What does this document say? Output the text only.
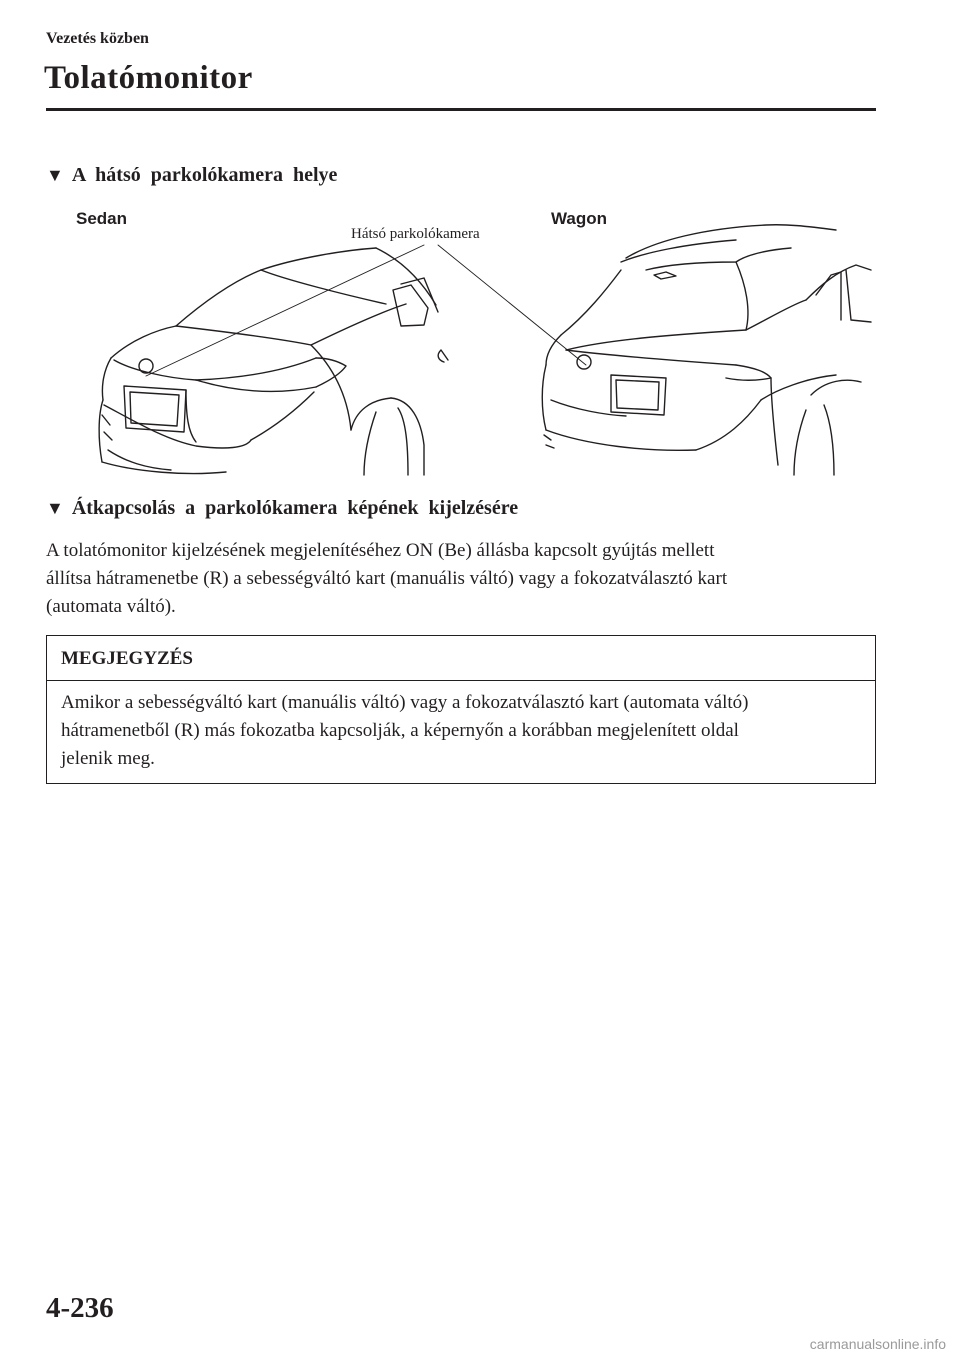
Vezetés közben
Tolatómonitor
▼ A hátsó parkolókamera helye
Sedan	Wagon
Hátsó parkolókamera
▼ Átkapcsolás a parkolókamera képének kijelzésére
A tolatómonitor kijelzésének megjelenítéséhez ON (Be) állásba kapcsolt gyújtás mellett
állítsa hátramenetbe (R) a sebességváltó kart (manuális váltó) vagy a fokozatválasztó kart
(automata váltó).
MEGJEGYZÉS
Amikor a sebességváltó kart (manuális váltó) vagy a fokozatválasztó kart (automata váltó)
hátramenetből (R) más fokozatba kapcsolják, a képernyőn a korábban megjelenített oldal
jelenik meg.
4-236
carmanualsonline.info
